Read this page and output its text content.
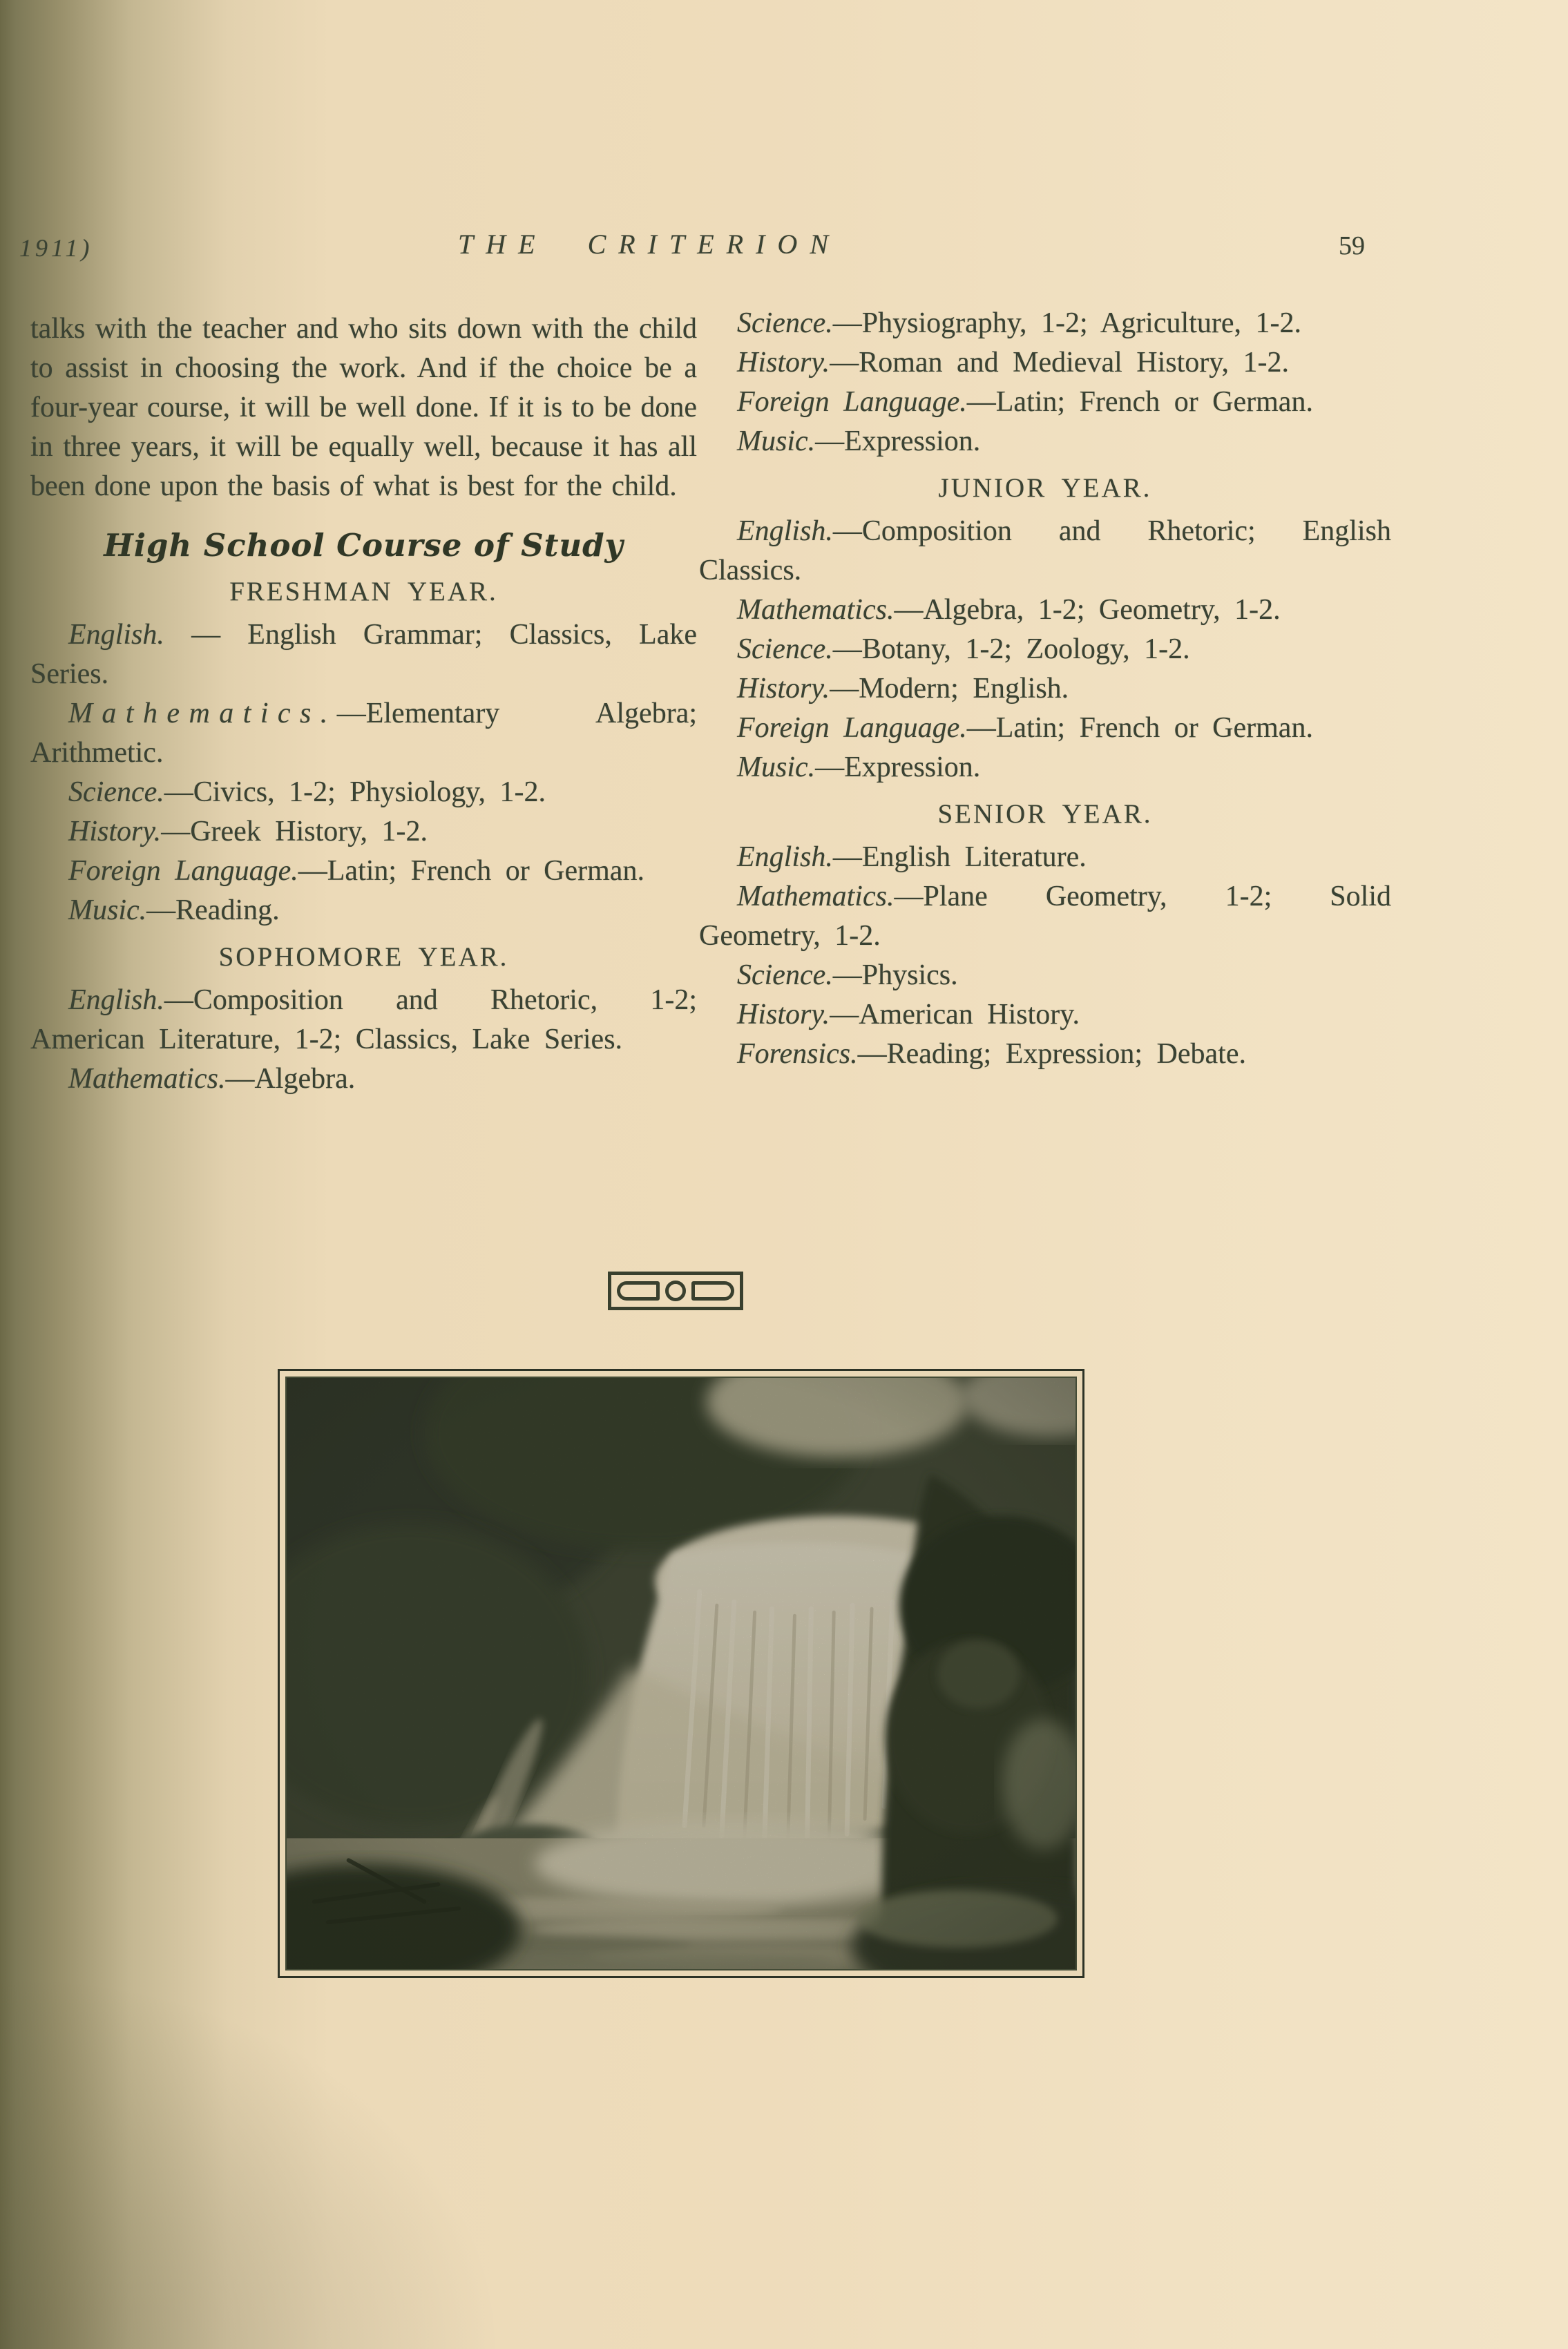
1911)	THE CRITERION	59

talks with the teacher and who sits down with the child to assist in choosing the work. And if the choice be a four-year course, it will be well done. If it is to be done in three years, it will be equally well, because it has all been done upon the basis of what is best for the child.

High School Course of Study
FRESHMAN YEAR.

English. — English Grammar; Classics, Lake Series.

Mathematics.—Elementary Algebra; Arithmetic.

Science.—Civics, 1-2; Physiology, 1-2.

History.—Greek History, 1-2.

Foreign Language.—Latin; French or German.

Music.—Reading.

SOPHOMORE YEAR.

English.—Composition and Rhetoric, 1-2; American Literature, 1-2; Classics, Lake Series.

Mathematics.—Algebra.

Science.—Physiography, 1-2; Agriculture, 1-2.

History.—Roman and Medieval History, 1-2.

Foreign Language.—Latin; French or German.

Music.—Expression.

JUNIOR YEAR.

English.—Composition and Rhetoric; English Classics.

Mathematics.—Algebra, 1-2; Geometry, 1-2.

Science.—Botany, 1-2; Zoology, 1-2.

History.—Modern; English.

Foreign Language.—Latin; French or German.

Music.—Expression.

SENIOR YEAR.

English.—English Literature.

Mathematics.—Plane Geometry, 1-2; Solid Geometry, 1-2.

Science.—Physics.

History.—American History.

Forensics.—Reading; Expression; Debate.
